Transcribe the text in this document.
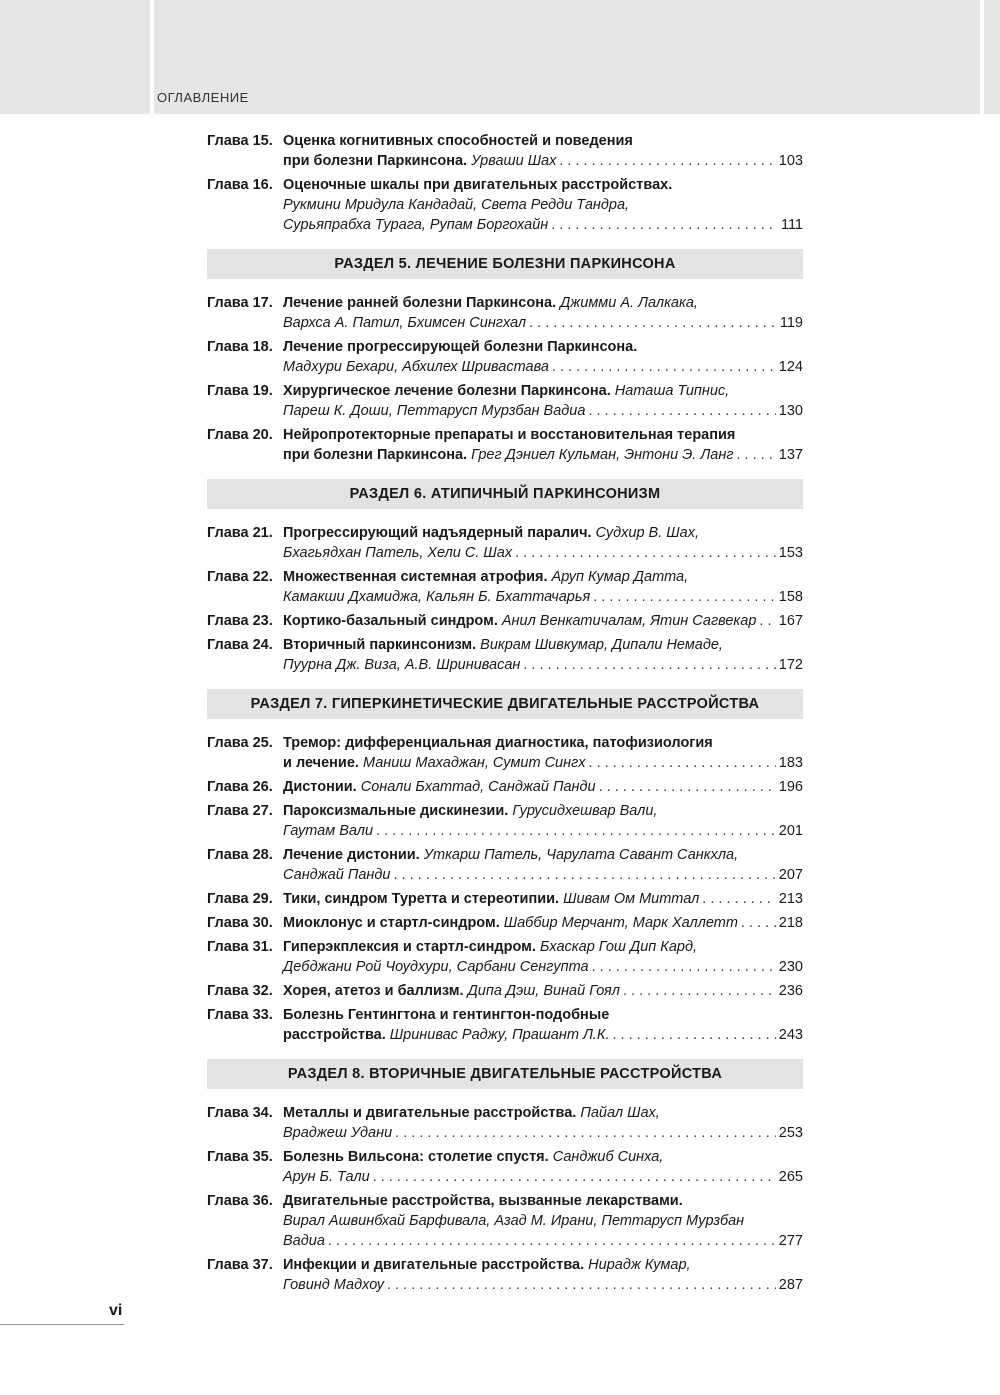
ОГЛАВЛЕНИЕ
Глава 15. Оценка когнитивных способностей и поведения
при болезни Паркинсона. Урваши Шах . . .	103
Глава 16. Оценочные шкалы при двигательных расстройствах.
Рукмини Мридула Кандадай, Света Редди Тандра,
Сурьяпрабха Турага, Рупам Боргохайн . . .	111
РАЗДЕЛ 5. ЛЕЧЕНИЕ БОЛЕЗНИ ПАРКИНСОНА
Глава 17. Лечение ранней болезни Паркинсона. Джимми А. Лалкака,
Вархса А. Патил, Бхимсен Сингхал . . .	119
Глава 18. Лечение прогрессирующей болезни Паркинсона.
Мадхури Бехари, Абхилех Шривастава . . .	124
Глава 19. Хирургическое лечение болезни Паркинсона. Наташа Типнис,
Пареш К. Доши, Петтарусп Мурзбан Вадиа . . .	130
Глава 20. Нейропротекторные препараты и восстановительная терапия
при болезни Паркинсона. Грег Дэниел Кульман, Энтони Э. Ланг . . .	137
РАЗДЕЛ 6. АТИПИЧНЫЙ ПАРКИНСОНИЗМ
Глава 21. Прогрессирующий надъядерный паралич. Судхир В. Шах,
Бхагьядхан Патель, Хели С. Шах . . .	153
Глава 22. Множественная системная атрофия. Аруп Кумар Датта,
Камакши Дхамиджа, Кальян Б. Бхаттачарья . . .	158
Глава 23. Кортико-базальный синдром. Анил Венкатичалам, Ятин Сагвекар . . . 167
Глава 24. Вторичный паркинсонизм. Викрам Шивкумар, Дипали Немаде,
Пуурна Дж. Виза, А.В. Шринивасан . . .	172
РАЗДЕЛ 7. ГИПЕРКИНЕТИЧЕСКИЕ ДВИГАТЕЛЬНЫЕ РАССТРОЙСТВА
Глава 25. Тремор: дифференциальная диагностика, патофизиология
и лечение. Маниш Махаджан, Сумит Сингх . . .	183
Глава 26. Дистонии. Сонали Бхаттад, Санджай Панди . . .	196
Глава 27. Пароксизмальные дискинезии. Гурусидхешвар Вали,
Гаутам Вали . . .	201
Глава 28. Лечение дистонии. Уткарш Патель, Чарулата Савант Санкхла,
Санджай Панди . . .	207
Глава 29. Тики, синдром Туретта и стереотипии. Шивам Ом Миттал . . .	213
Глава 30. Миоклонус и стартл-синдром. Шаббир Мерчант, Марк Халлетт . . .	218
Глава 31. Гиперэкплексия и стартл-синдром. Бхаскар Гош Дип Кард,
Дебджани Рой Чоудхури, Сарбани Сенгупта . . .	230
Глава 32. Хорея, атетоз и баллизм. Дипа Дэш, Винай Гоял . . .	236
Глава 33. Болезнь Гентингтона и гентингтон-подобные
расстройства. Шринивас Раджу, Прашант Л.К. . . .	243
РАЗДЕЛ 8. ВТОРИЧНЫЕ ДВИГАТЕЛЬНЫЕ РАССТРОЙСТВА
Глава 34. Металлы и двигательные расстройства. Пайал Шах,
Враджеш Удани . . .	253
Глава 35. Болезнь Вильсона: столетие спустя. Санджиб Синха,
Арун Б. Тали . . .	265
Глава 36. Двигательные расстройства, вызванные лекарствами.
Вирал Ашвинбхай Барфивала, Азад М. Ирани, Петтарусп Мурзбан
Вадиа . . .	277
Глава 37. Инфекции и двигательные расстройства. Нирадж Кумар,
Говинд Мадхоу . . .	287
vi
